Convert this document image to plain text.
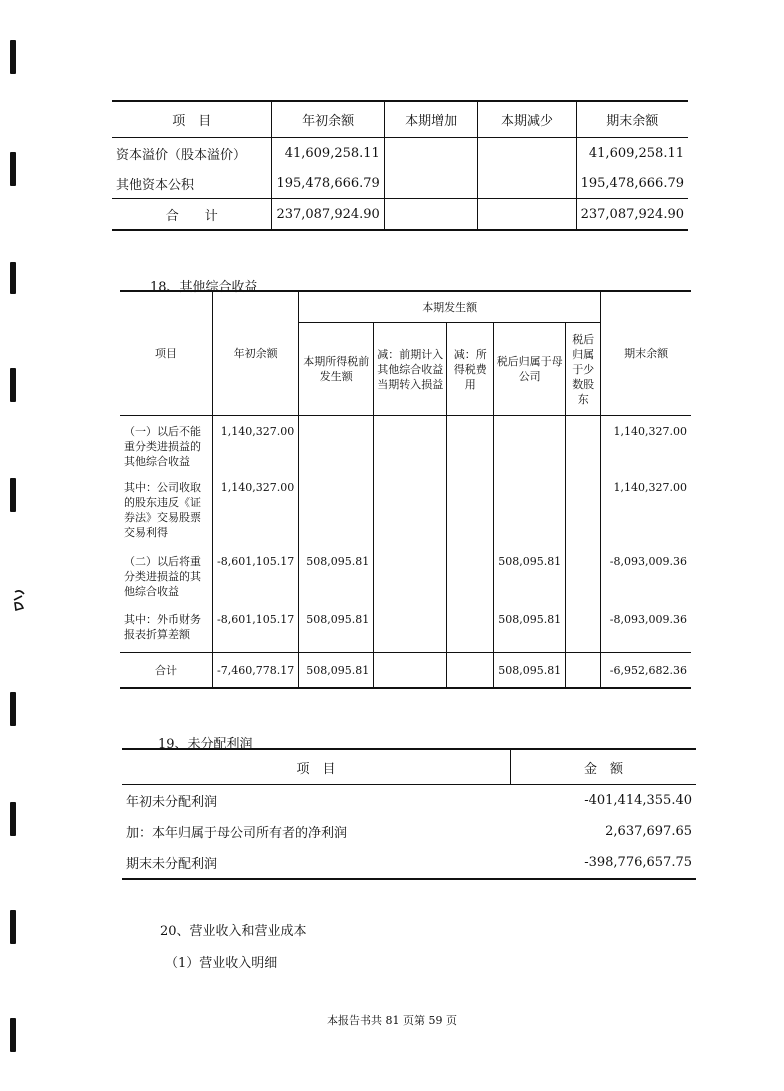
项　目	年初余额	本期增加	本期减少	期末余额
资本溢价（股本溢价）	41,609,258.11			41,609,258.11
其他资本公积	195,478,666.79			195,478,666.79
合　　计	237,087,924.90			237,087,924.90
18、其他综合收益
项目	年初余额	本期发生额					期末余额
		本期所得税前发生额	减：前期计入其他综合收益当期转入损益	减：所得税费用	税后归属于母公司	税后归属于少数股东	
（一）以后不能重分类进损益的其他综合收益	1,140,327.00						1,140,327.00
其中：公司收取的股东违反《证券法》交易股票交易利得	1,140,327.00						1,140,327.00
（二）以后将重分类进损益的其他综合收益	-8,601,105.17	508,095.81			508,095.81		-8,093,009.36
其中：外币财务报表折算差额	-8,601,105.17	508,095.81			508,095.81		-8,093,009.36
合计	-7,460,778.17	508,095.81			508,095.81		-6,952,682.36
19、未分配利润
项　目	金　额
年初未分配利润	-401,414,355.40
加：本年归属于母公司所有者的净利润	2,637,697.65
期末未分配利润	-398,776,657.75
20、营业收入和营业成本
（1）营业收入明细
本报告书共 81 页第 59 页
